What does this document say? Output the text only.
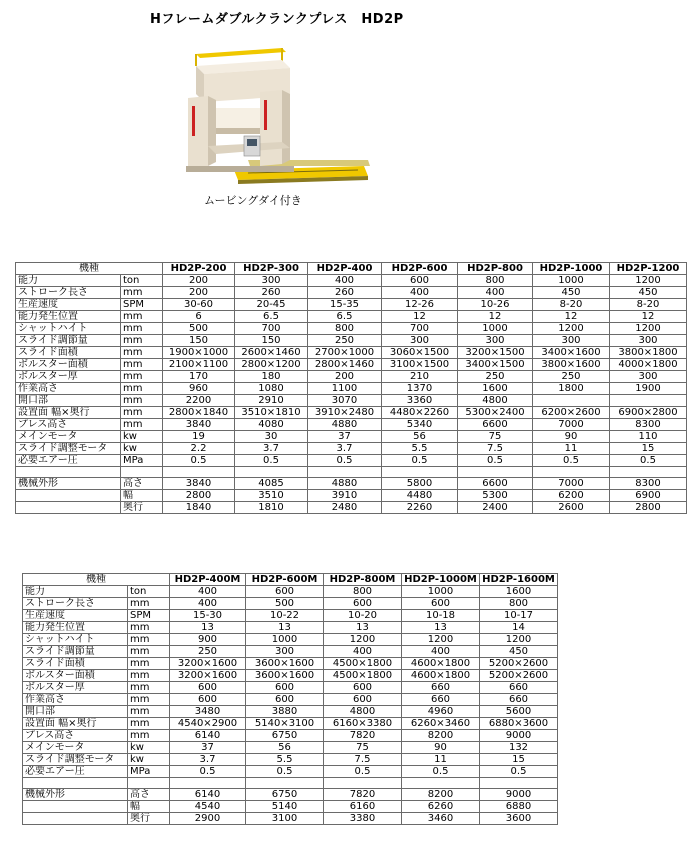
Hフレームダブルクランクプレス　HD2P
ムービングダイ付き
機種		HD2P-200	HD2P-300	HD2P-400	HD2P-600	HD2P-800	HD2P-1000	HD2P-1200
能力	ton	200	300	400	600	800	1000	1200
ストローク長さ	mm	200	260	260	400	400	450	450
生産速度	SPM	30-60	20-45	15-35	12-26	10-26	8-20	8-20
能力発生位置	mm	6	6.5	6.5	12	12	12	12
シャットハイト	mm	500	700	800	700	1000	1200	1200
スライド調節量	mm	150	150	250	300	300	300	300
スライド面積	mm	1900×1000	2600×1460	2700×1000	3060×1500	3200×1500	3400×1600	3800×1800
ボルスター面積	mm	2100×1100	2800×1200	2800×1460	3100×1500	3400×1500	3800×1600	4000×1800
ボルスター厚	mm	170	180	200	210	250	250	300
作業高さ	mm	960	1080	1100	1370	1600	1800	1900
開口部	mm	2200	2910	3070	3360	4800		
設置面 幅×奥行	mm	2800×1840	3510×1810	3910×2480	4480×2260	5300×2400	6200×2600	6900×2800
プレス高さ	mm	3840	4080	4880	5340	6600	7000	8300
メインモータ	kw	19	30	37	56	75	90	110
スライド調整モータ	kw	2.2	3.7	3.7	5.5	7.5	11	15
必要エアー圧	MPa	0.5	0.5	0.5	0.5	0.5	0.5	0.5

機械外形	高さ	3840	4085	4880	5800	6600	7000	8300
	幅	2800	3510	3910	4480	5300	6200	6900
	奥行	1840	1810	2480	2260	2400	2600	2800
機種		HD2P-400M	HD2P-600M	HD2P-800M	HD2P-1000M	HD2P-1600M
能力	ton	400	600	800	1000	1600
ストローク長さ	mm	400	500	600	600	800
生産速度	SPM	15-30	10-22	10-20	10-18	10-17
能力発生位置	mm	13	13	13	13	14
シャットハイト	mm	900	1000	1200	1200	1200
スライド調節量	mm	250	300	400	400	450
スライド面積	mm	3200×1600	3600×1600	4500×1800	4600×1800	5200×2600
ボルスター面積	mm	3200×1600	3600×1600	4500×1800	4600×1800	5200×2600
ボルスター厚	mm	600	600	600	660	660
作業高さ	mm	600	600	600	660	660
開口部	mm	3480	3880	4800	4960	5600
設置面 幅×奥行	mm	4540×2900	5140×3100	6160×3380	6260×3460	6880×3600
プレス高さ	mm	6140	6750	7820	8200	9000
メインモータ	kw	37	56	75	90	132
スライド調整モータ	kw	3.7	5.5	7.5	11	15
必要エアー圧	MPa	0.5	0.5	0.5	0.5	0.5

機械外形	高さ	6140	6750	7820	8200	9000
	幅	4540	5140	6160	6260	6880
	奥行	2900	3100	3380	3460	3600
